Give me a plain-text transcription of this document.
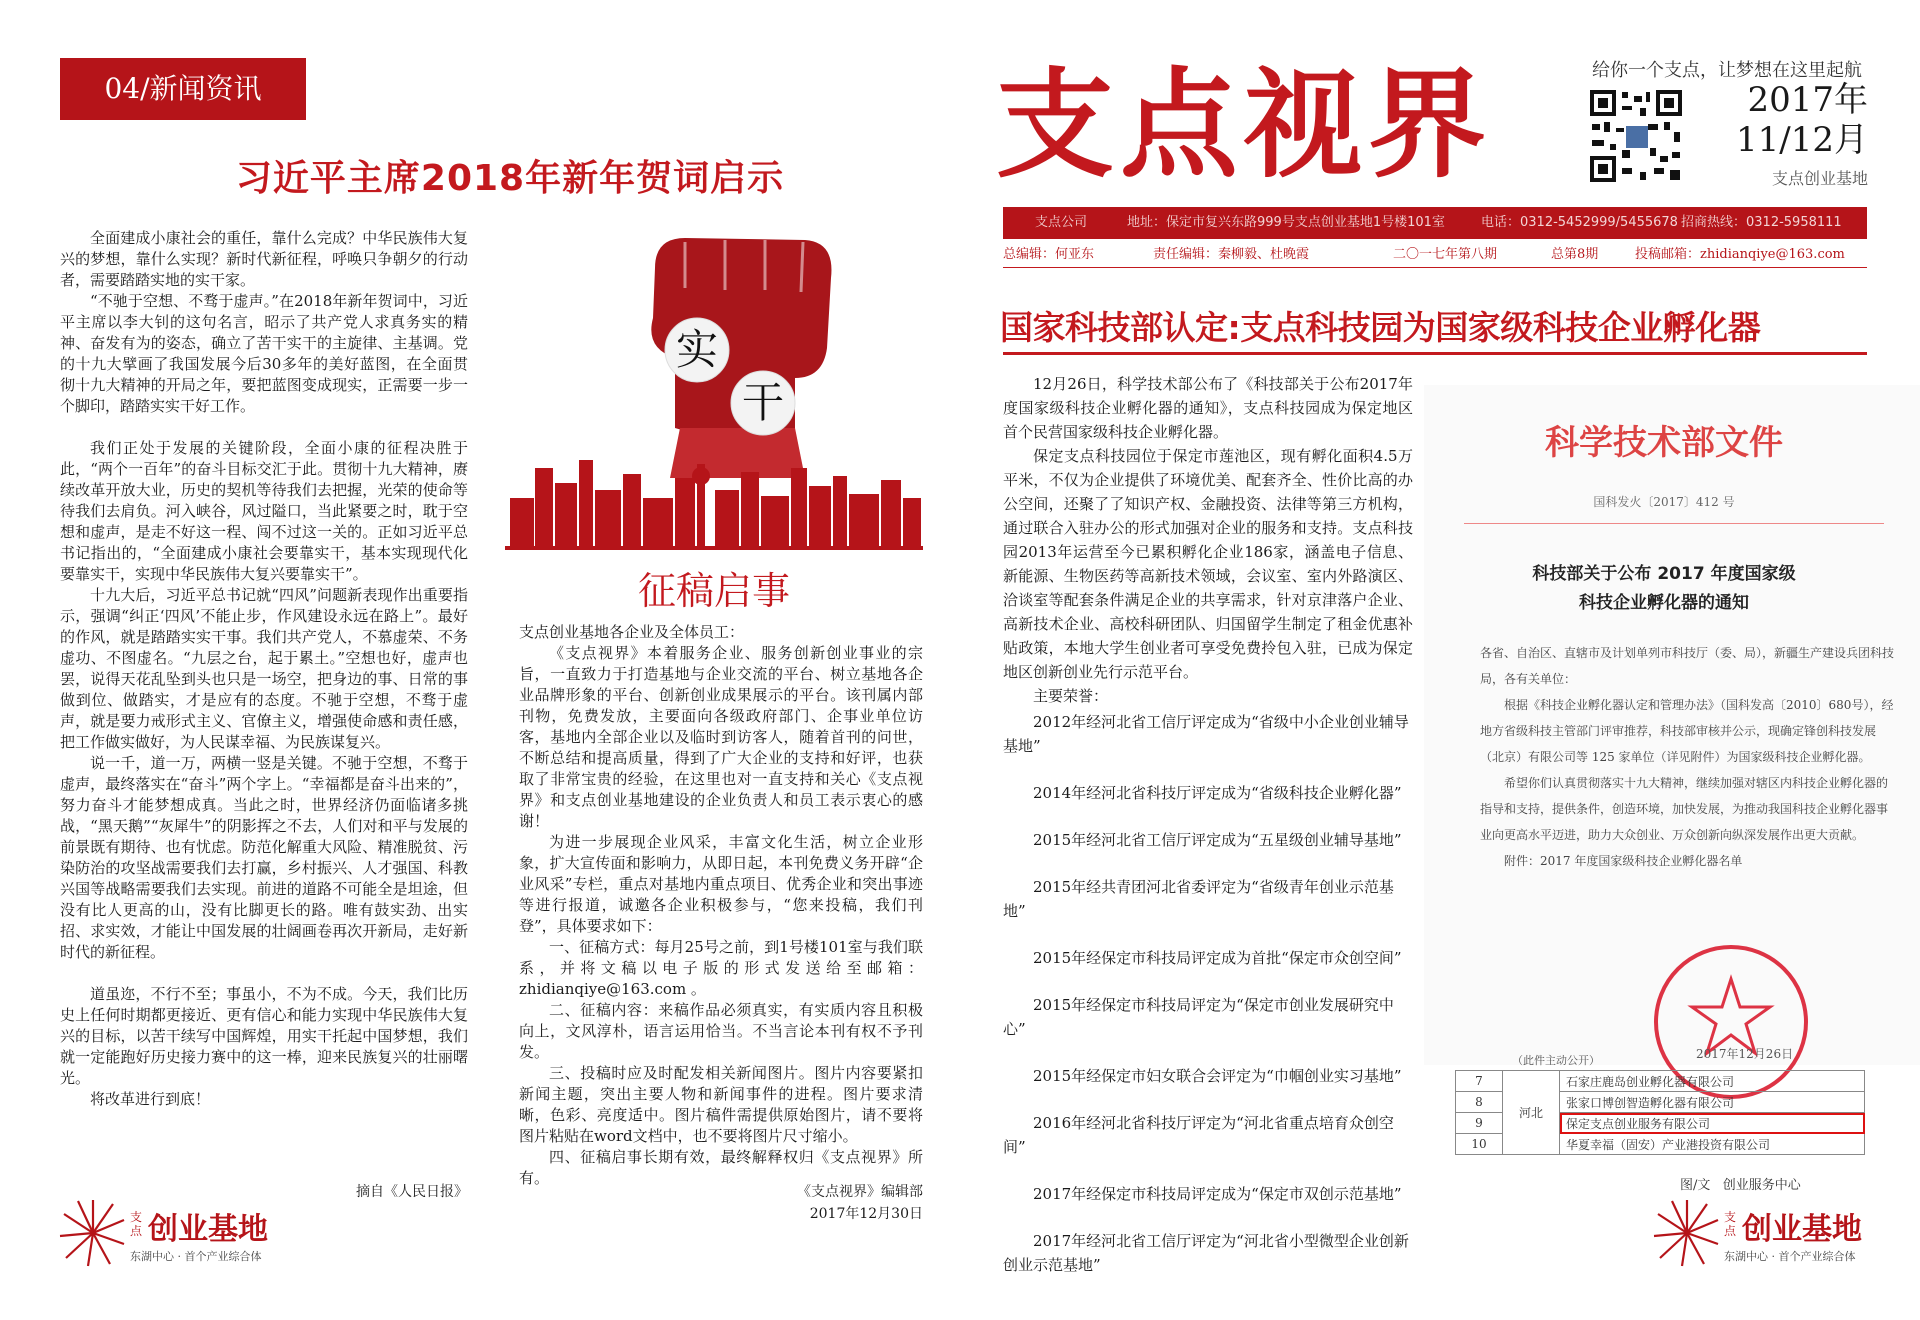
04/新闻资讯
习近平主席2018年新年贺词启示

全面建成小康社会的重任，靠什么完成？中华民族伟大复兴的梦想，靠什么实现？新时代新征程，呼唤只争朝夕的行动者，需要踏踏实地的实干家。

“不驰于空想、不骛于虚声。”在2018年新年贺词中，习近平主席以李大钊的这句名言，昭示了共产党人求真务实的精神、奋发有为的姿态，确立了苦干实干的主旋律、主基调。党的十九大擘画了我国发展今后30多年的美好蓝图，在全面贯彻十九大精神的开局之年，要把蓝图变成现实，正需要一步一个脚印，踏踏实实干好工作。

我们正处于发展的关键阶段，全面小康的征程决胜于此，“两个一百年”的奋斗目标交汇于此。贯彻十九大精神，赓续改革开放大业，历史的契机等待我们去把握，光荣的使命等待我们去肩负。河入峡谷，风过隘口，当此紧要之时，耽于空想和虚声，是走不好这一程、闯不过这一关的。正如习近平总书记指出的，“全面建成小康社会要靠实干，基本实现现代化要靠实干，实现中华民族伟大复兴要靠实干”。

十九大后，习近平总书记就“四风”问题新表现作出重要指示，强调“纠正‘四风’不能止步，作风建设永远在路上”。最好的作风，就是踏踏实实干事。我们共产党人，不慕虚荣、不务虚功、不图虚名。“九层之台，起于累土。”空想也好，虚声也罢，说得天花乱坠到头也只是一场空，把身边的事、日常的事做到位、做踏实，才是应有的态度。不驰于空想，不骛于虚声，就是要力戒形式主义、官僚主义，增强使命感和责任感，把工作做实做好，为人民谋幸福、为民族谋复兴。

说一千，道一万，两横一竖是关键。不驰于空想，不骛于虚声，最终落实在“奋斗”两个字上。“幸福都是奋斗出来的”，努力奋斗才能梦想成真。当此之时，世界经济仍面临诸多挑战，“黑天鹅”“灰犀牛”的阴影挥之不去，人们对和平与发展的前景既有期待、也有忧虑。防范化解重大风险、精准脱贫、污染防治的攻坚战需要我们去打赢，乡村振兴、人才强国、科教兴国等战略需要我们去实现。前进的道路不可能全是坦途，但没有比人更高的山，没有比脚更长的路。唯有鼓实劲、出实招、求实效，才能让中国发展的壮阔画卷再次开新局，走好新时代的新征程。

道虽迩，不行不至；事虽小，不为不成。今天，我们比历史上任何时期都更接近、更有信心和能力实现中华民族伟大复兴的目标，以苦干续写中国辉煌，用实干托起中国梦想，我们就一定能跑好历史接力赛中的这一棒，迎来民族复兴的壮丽曙光。

将改革进行到底！

摘自《人民日报》
实
干
征稿启事

支点创业基地各企业及全体员工：

《支点视界》本着服务企业、服务创新创业事业的宗旨，一直致力于打造基地与企业交流的平台、树立基地各企业品牌形象的平台、创新创业成果展示的平台。该刊属内部刊物，免费发放，主要面向各级政府部门、企事业单位访客，基地内全部企业以及临时到访客人，随着首刊的问世，不断总结和提高质量，得到了广大企业的支持和好评，也获取了非常宝贵的经验，在这里也对一直支持和关心《支点视界》和支点创业基地建设的企业负责人和员工表示衷心的感谢！

为进一步展现企业风采，丰富文化生活，树立企业形象，扩大宣传面和影响力，从即日起，本刊免费义务开辟“企业风采”专栏，重点对基地内重点项目、优秀企业和突出事迹等进行报道，诚邀各企业积极参与，“您来投稿，我们刊登”，具体要求如下：

一、征稿方式：每月25号之前，到1号楼101室与我们联系，并将文稿以电子版的形式发送给至邮箱：zhidianqiye@163.com 。

二、征稿内容：来稿作品必须真实，有实质内容且积极向上，文风淳朴，语言运用恰当。不当言论本刊有权不予刊发。

三、投稿时应及时配发相关新闻图片。图片内容要紧扣新闻主题，突出主要人物和新闻事件的进程。图片要求清晰，色彩、亮度适中。图片稿件需提供原始图片，请不要将图片粘贴在word文档中，也不要将图片尺寸缩小。

四、征稿启事长期有效，最终解释权归《支点视界》所有。

《支点视界》编辑部
2017年12月30日
支点 创业基地
东湖中心 · 首个产业综合体
支点视界	给你一个支点，让梦想在这里起航
2017年
11/12月
支点创业基地
支点公司	地址：保定市复兴东路999号支点创业基地1号楼101室	电话：0312-5452999/5455678 招商热线：0312-5958111
总编辑：何亚东	责任编辑：秦柳毅、杜晚霞	二〇一七年第八期	总第8期	投稿邮箱：zhidianqiye@163.com
国家科技部认定:支点科技园为国家级科技企业孵化器

12月26日，科学技术部公布了《科技部关于公布2017年度国家级科技企业孵化器的通知》，支点科技园成为保定地区首个民营国家级科技企业孵化器。

保定支点科技园位于保定市莲池区，现有孵化面积4.5万平米，不仅为企业提供了环境优美、配套齐全、性价比高的办公空间，还聚了了知识产权、金融投资、法律等第三方机构，通过联合入驻办公的形式加强对企业的服务和支持。支点科技园2013年运营至今已累积孵化企业186家，涵盖电子信息、新能源、生物医药等高新技术领域，会议室、室内外路演区、洽谈室等配套条件满足企业的共享需求，针对京津落户企业、高新技术企业、高校科研团队、归国留学生制定了租金优惠补贴政策，本地大学生创业者可享受免费拎包入驻，已成为保定地区创新创业先行示范平台。

主要荣誉：

2012年经河北省工信厅评定成为“省级中小企业创业辅导基地”

2014年经河北省科技厅评定成为“省级科技企业孵化器”

2015年经河北省工信厅评定成为“五星级创业辅导基地”

2015年经共青团河北省委评定为“省级青年创业示范基地”

2015年经保定市科技局评定成为首批“保定市众创空间”

2015年经保定市科技局评定为“保定市创业发展研究中心”

2015年经保定市妇女联合会评定为“巾帼创业实习基地”

2016年经河北省科技厅评定为“河北省重点培育众创空间”

2017年经保定市科技局评定成为“保定市双创示范基地”

2017年经河北省工信厅评定为“河北省小型微型企业创新创业示范基地”

科学技术部文件
国科发火〔2017〕412 号
科技部关于公布 2017 年度国家级
科技企业孵化器的通知

各省、自治区、直辖市及计划单列市科技厅（委、局），新疆生产建设兵团科技局，各有关单位：

根据《科技企业孵化器认定和管理办法》（国科发高〔2010〕680号），经地方省级科技主管部门评审推荐，科技部审核并公示，现确定锋创科技发展（北京）有限公司等 125 家单位（详见附件）为国家级科技企业孵化器。

希望你们认真贯彻落实十九大精神，继续加强对辖区内科技企业孵化器的指导和支持，提供条件，创造环境，加快发展，为推动我国科技企业孵化器事业向更高水平迈进，助力大众创业、万众创新向纵深发展作出更大贡献。

附件：2017 年度国家级科技企业孵化器名单

2017年12月26日
（此件主动公开）
7	河北	石家庄鹿岛创业孵化器有限公司
8		张家口博创智造孵化器有限公司
9		保定支点创业服务有限公司
10		华夏幸福（固安）产业港投资有限公司
图/文   创业服务中心
支点 创业基地
东湖中心 · 首个产业综合体
